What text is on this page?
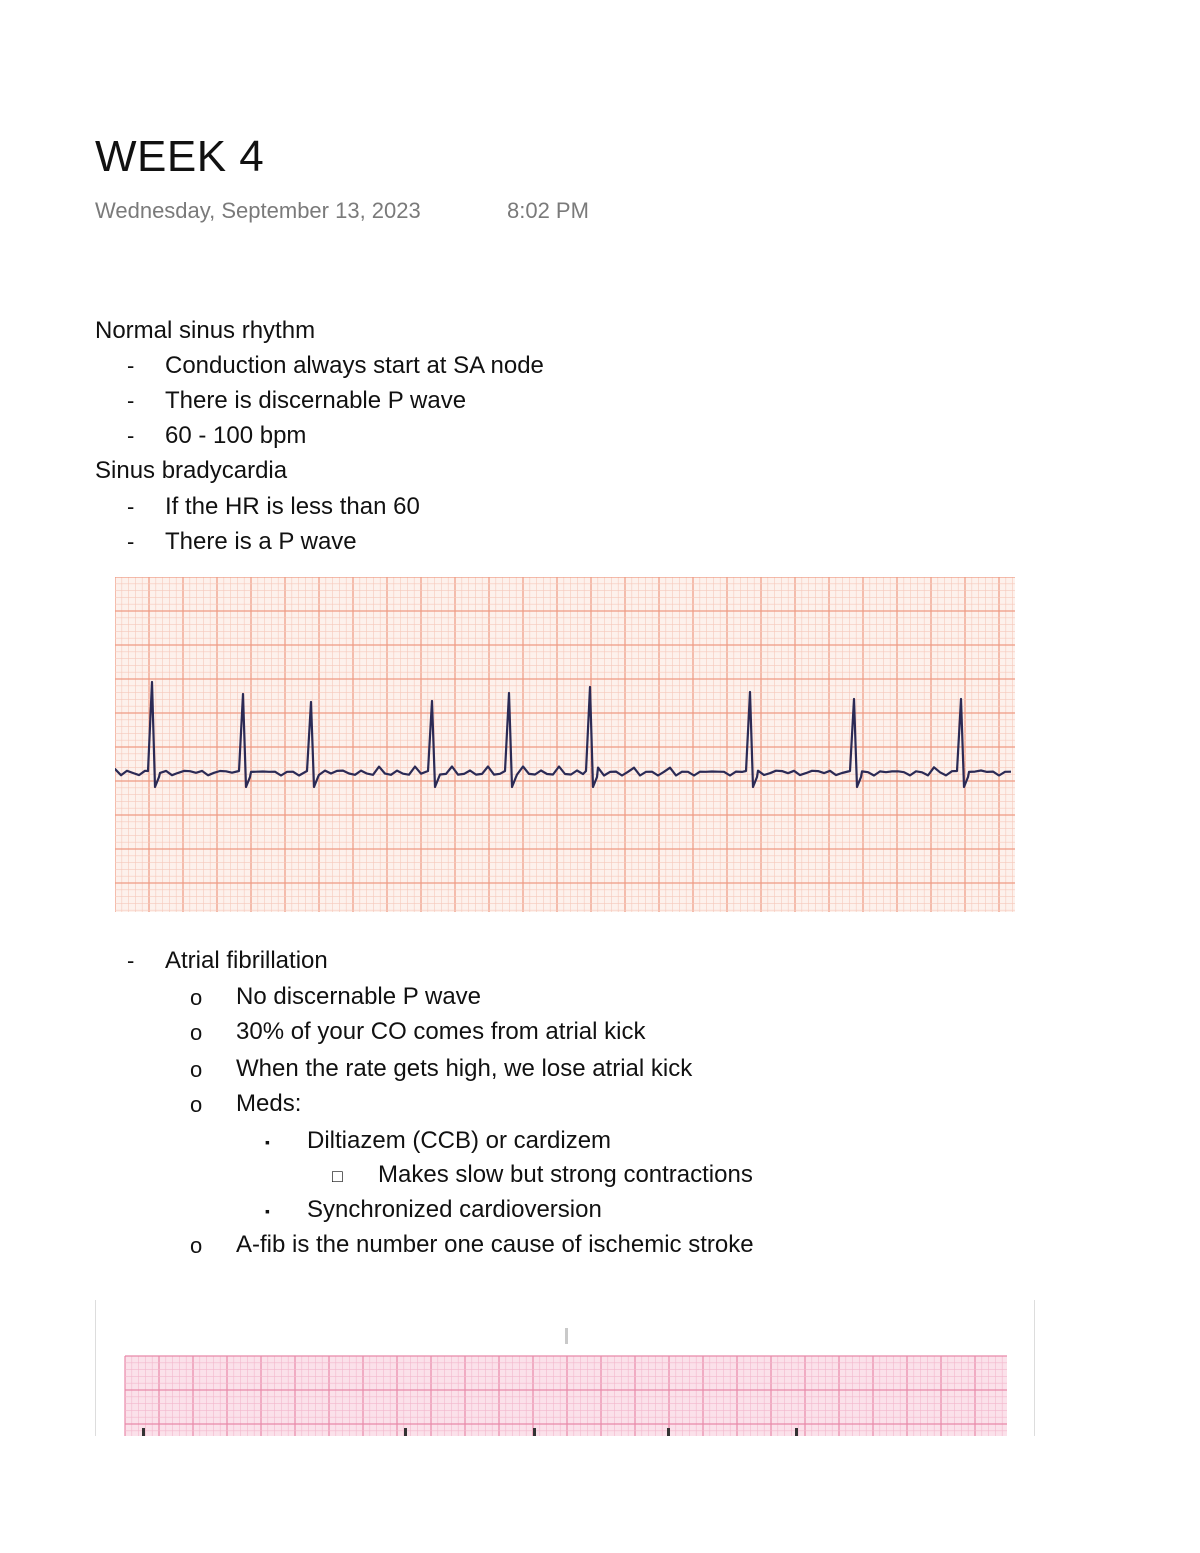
WEEK 4
Wednesday, September 13, 2023	8:02 PM
Normal sinus rhythm
- Conduction always start at SA node
- There is discernable P wave
- 60 - 100 bpm
Sinus bradycardia
- If the HR is less than 60
- There is a P wave
- Atrial fibrillation
o No discernable P wave
o 30% of your CO comes from atrial kick
o When the rate gets high, we lose atrial kick
o Meds:
▪ Diltiazem (CCB) or cardizem
□ Makes slow but strong contractions
▪ Synchronized cardioversion
o A-fib is the number one cause of ischemic stroke
